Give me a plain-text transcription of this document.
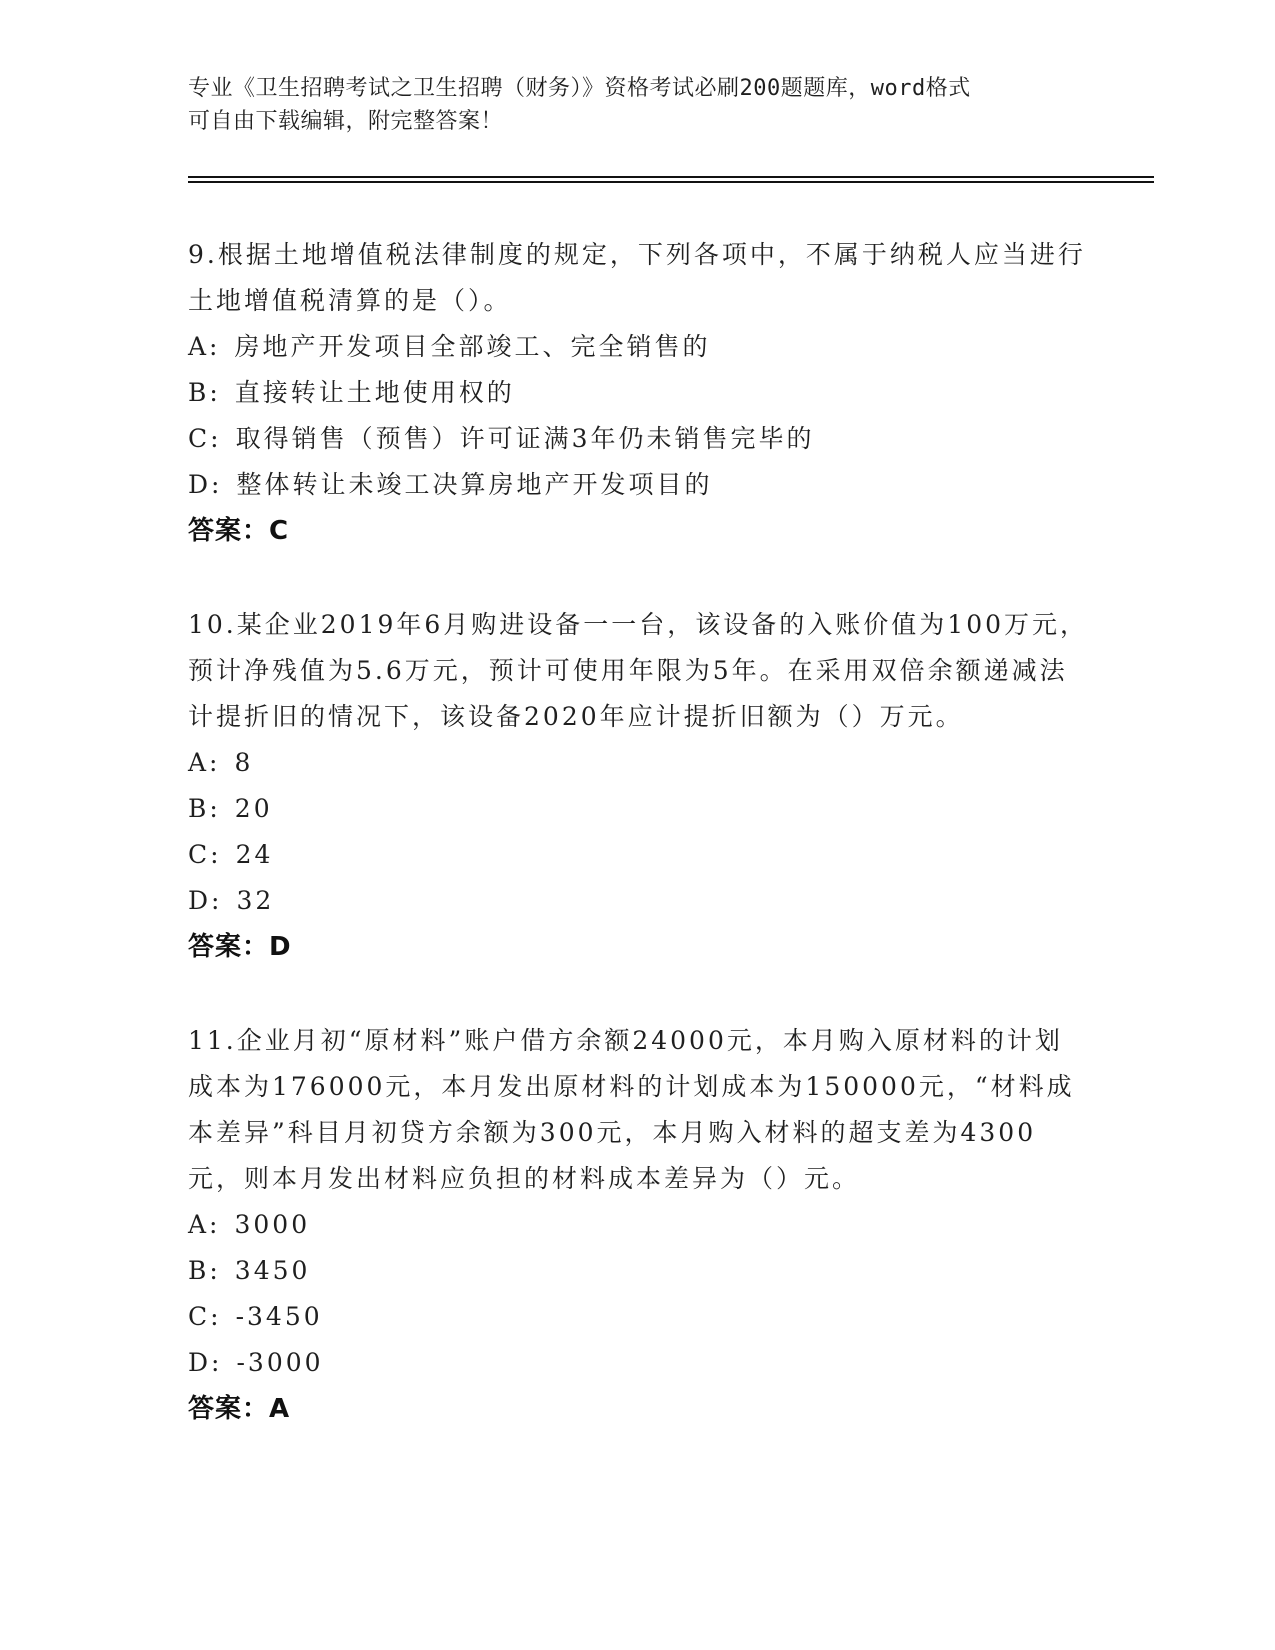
专业《卫生招聘考试之卫生招聘（财务）》资格考试必刷200题题库，word格式
可自由下载编辑，附完整答案！
9.根据土地增值税法律制度的规定，下列各项中，不属于纳税人应当进行土地增值税清算的是（）。
A: 房地产开发项目全部竣工、完全销售的
B: 直接转让土地使用权的
C: 取得销售（预售）许可证满3年仍未销售完毕的
D: 整体转让未竣工决算房地产开发项目的
答案：C
10.某企业2019年6月购进设备一一台，该设备的入账价值为100万元，预计净残值为5.6万元，预计可使用年限为5年。在采用双倍余额递减法计提折旧的情况下，该设备2020年应计提折旧额为（）万元。
A: 8
B: 20
C: 24
D: 32
答案：D
11.企业月初“原材料”账户借方余额24000元，本月购入原材料的计划成本为176000元，本月发出原材料的计划成本为150000元，“材料成本差异”科目月初贷方余额为300元，本月购入材料的超支差为4300元，则本月发出材料应负担的材料成本差异为（）元。
A: 3000
B: 3450
C: -3450
D: -3000
答案：A
